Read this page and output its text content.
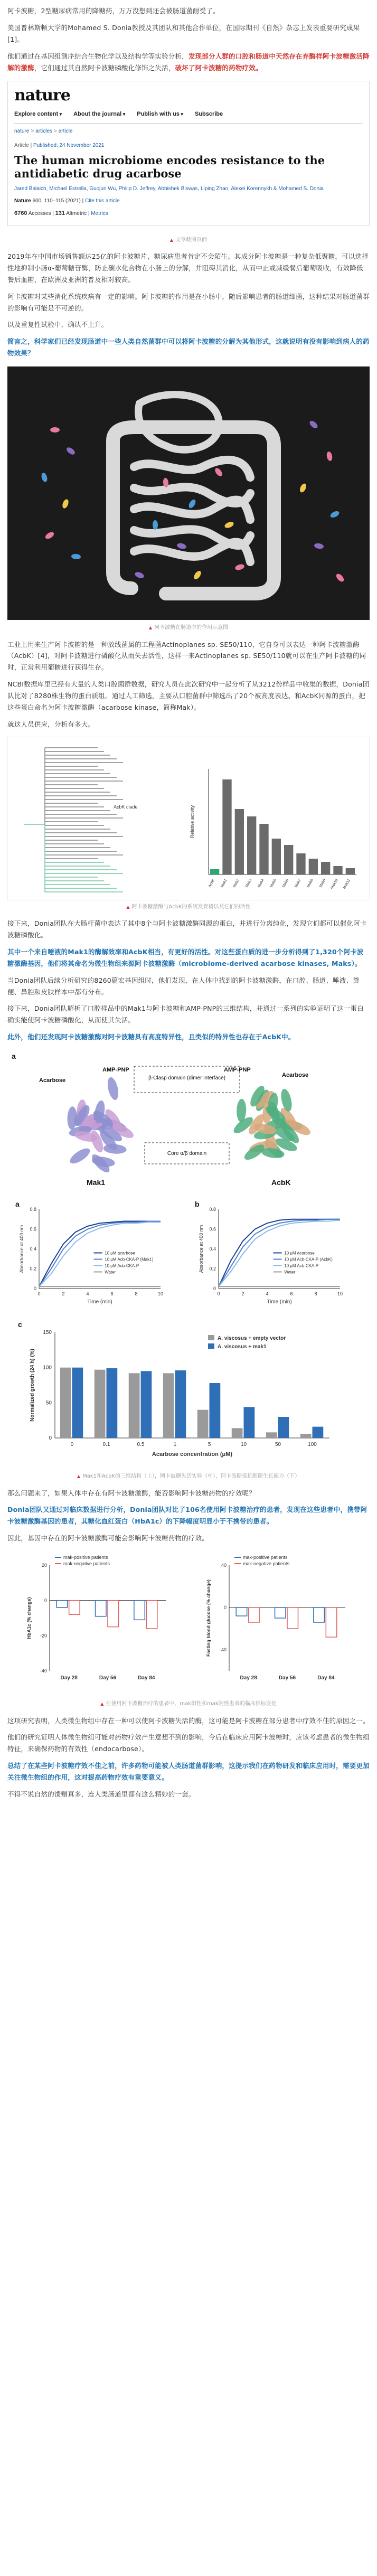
阿卡波糖，2型糖尿病常用的降糖药，万万没想到还会被肠道菌耐受了。

美国普林斯顿大学的Mohamed S. Donia教授及其团队和其他合作单位，在国际期刊《自然》杂志上发表重要研究成果[1]。

他们通过在基因组测序结合生物化学以及结构学等实验分析，发现部分人群的口腔和肠道中天然存在弃酶样阿卡波糖激活降解的激酶，它们通过其自然阿卡波糖磷酸化修饰之失活，破坏了阿卡波糖的药物疗效。

nature
Explore content ▾	About the journal ▾	Publish with us ▾	Subscribe
nature > articles > article
Article | Published: 24 November 2021
The human microbiome encodes resistance to the antidiabetic drug acarbose
Jared Balaich, Michael Estrella, Guojun Wu, Philip D. Jeffrey, Abhishek Biswas, Liping Zhao, Alexei Korennykh & Mohamed S. Donia
Nature 600, 110–115 (2021) | Cite this article
6760 Accesses | 131 Altmetric | Metrics
▲ 文章截图页面

2019年在中国市场销售额达25亿的阿卡波糖片，糖尿病患者肯定不会陌生。其成分阿卡波糖是一种复杂低聚糖，可以选择性地抑制小肠α-葡萄糖苷酶，防止碳水化合物在小肠上的分解，并阻碍其消化，从而中止或减缓餐后葡萄吸收，有效降低餐后血糖，在欧洲及亚洲的普及相对较高。

阿卡波糖对某些消化系统疾病有一定的影响。阿卡波糖的作用是在小肠中，随后影响患者的肠道细菌，这种结果对肠道菌群的影响有可能是不可逆的。

以及重复性试验中，确认不上升。

简言之，科学家们已经发现肠道中一些人类自然菌群中可以将阿卡波糖的分解为其他形式，这就说明有没有影响到病人的药物效果？

▲ 阿卡波糖在肠道中的作用示意图

工业上用来生产阿卡波糖的是一种放线菌属的工程菌Actinoplanes sp. SE50/110，它自身可以表达一种阿卡波糖激酶（AcbK）[4]，对阿卡波糖进行磷酸化从而失去活性，这样一来Actinoplanes sp. SE50/110就可以在生产阿卡波糖的同时，正常利用葡糖进行获得生存。

NCBI数据库里已经有大量的人类口腔菌群数据，研究人员在此次研究中一起分析了从3212份样品中收集的数据，Donia团队比对了8280株生物的蛋白质组。通过人工筛选，主要从口腔菌群中筛选出了20个被高度表达、和AcbK同源的蛋白，把这些蛋白命名为阿卡波糖激酶（acarbose kinase，简称Mak）。

就这人员供应，分析有多大。

AcbK clade	Relative activity
AcbK Mak1 Mak2 Mak3 Mak4 Mak5 Mak6 Mak7 Mak8 Mak9 Mak10 Mak11
▲ 阿卡波糖激酶与AcbK的系统发育树以及它们的活性

接下来，Donia团队在大肠杆菌中表达了其中8个与阿卡波糖激酶同源的蛋白，并进行分离纯化，发现它们都可以催化阿卡波糖磷酸化。

其中一个来自唾液的Mak1的酶解效率和AcbK相当，有更好的活性。对这些蛋白质的进一步分析得到了1,320个阿卡波糖激酶基因，他们将其命名为微生物组来源阿卡波糖激酶（microbiome-derived acarbose kinases, Maks）。

当Donia团队后续分析研究的8260篇宏基因组时，他们发现，在人体中找到的阿卡波糖激酶，在口腔、肠道、唾液、粪便、鼻腔和皮肤样本中都有分布。

接下来，Donia团队解析了口腔样品中的Mak1与阿卡波糖和AMP-PNP的三维结构，并通过一系列的实验证明了这一蛋白确实能使阿卡波糖磷酸化，从而使其失活。

此外，他们还发现阿卡波糖激酶对阿卡波糖具有高度特异性，且类似的特异性也存在于AcbK中。

a
Acarbose
AMP-PNP
β-Clasp domain (dimer interface)	Acarbose
AMP-PNP
Core α/β domain
Mak1	AcbK
a
Time (min)
Absorbance at 400 nm
0	2	4	6	8	10
0
0.2
0.4
0.6
0.8
10 μM acarbose
10 μM Acb-CKA-P (Mak1)
10 μM Acb-CKA-P
Water
b
Time (min)
Absorbance at 400 nm
0	2	4	6	8	10
0
0.2
0.4
0.6
0.8
10 μM acarbose
10 μM Acb-CKA-P (AcbK)
10 μM Acb-CKA-P
Water
c
Acarbose concentration (μM)
Normalized growth (24 h) (%)
0
50
100
150
0	0.1	0.5	1	5	10	50	100
A. viscosus + empty vector
A. viscosus + mak1
▲ Mak1和AcbK的三维结构（上），阿卡波糖失活实验（中），阿卡波糖抵抗细菌生长能力（下）

那么问题来了，如果人体中存在有阿卡波糖激酶，能否影响阿卡波糖药物的疗效呢？

Donia团队又通过对临床数据进行分析，Donia团队对比了106名使用阿卡波糖治疗的患者，发现在这些患者中，携带阿卡波糖激酶基因的患者，其糖化血红蛋白（HbA1c）的下降幅度明显小于不携带的患者。

因此，基因中存在的阿卡波糖激酶可能会影响阿卡波糖药物的疗效。

HbA1c (% change)
20
0
-20
-40
Day 28	Day 56	Day 84
mak-positive patients
mak-negative patients
Fasting blood glucose (% change)
40
0
-40
Day 28	Day 56	Day 84
mak-positive patients
mak-negative patients
▲ 在使用阿卡波糖治疗的患者中，mak阳性和mak阴性患者的临床指标变化

这项研究表明，人类微生物组中存在一种可以使阿卡波糖失活的酶，这可能是阿卡波糖在部分患者中疗效不佳的原因之一。

他们的研究证明人体微生物组可能对药物疗效产生意想不到的影响，今后在临床应用阿卡波糖时，应该考虑患者的微生物组特征，来确保药物的有效性（endocarbose）。

总结了在某些阿卡波糖疗效不佳之前，许多药物可能被人类肠道菌群影响，这提示我们在药物研发和临床应用时，需要更加关注微生物组的作用，这对提高药物疗效有重要意义。

不得不说自然的馈赠真多，连人类肠道里都有这么精妙的一套。
